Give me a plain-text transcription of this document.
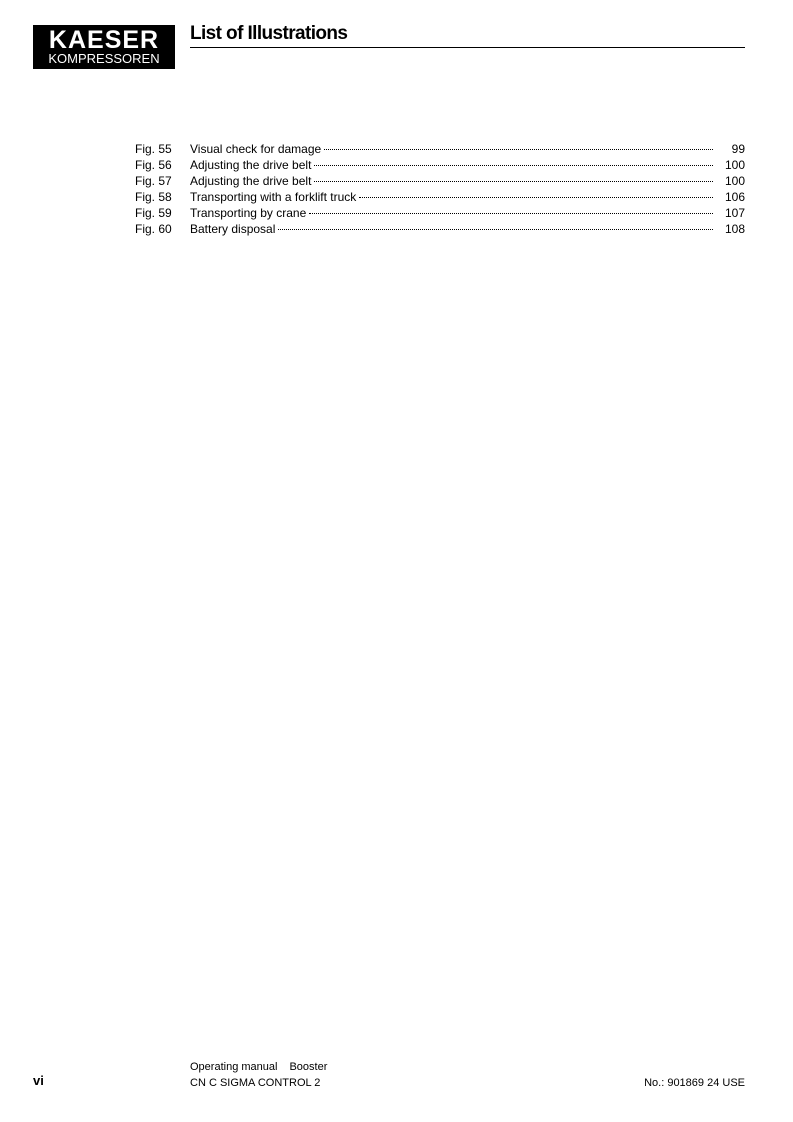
KAESER
KOMPRESSOREN
List of Illustrations
Fig. 55	Visual check for damage	99
Fig. 56	Adjusting the drive belt	100
Fig. 57	Adjusting the drive belt	100
Fig. 58	Transporting with a forklift truck	106
Fig. 59	Transporting by crane	107
Fig. 60	Battery disposal	108
vi
Operating manual Booster
CN C SIGMA CONTROL 2	No.: 901869 24 USE
